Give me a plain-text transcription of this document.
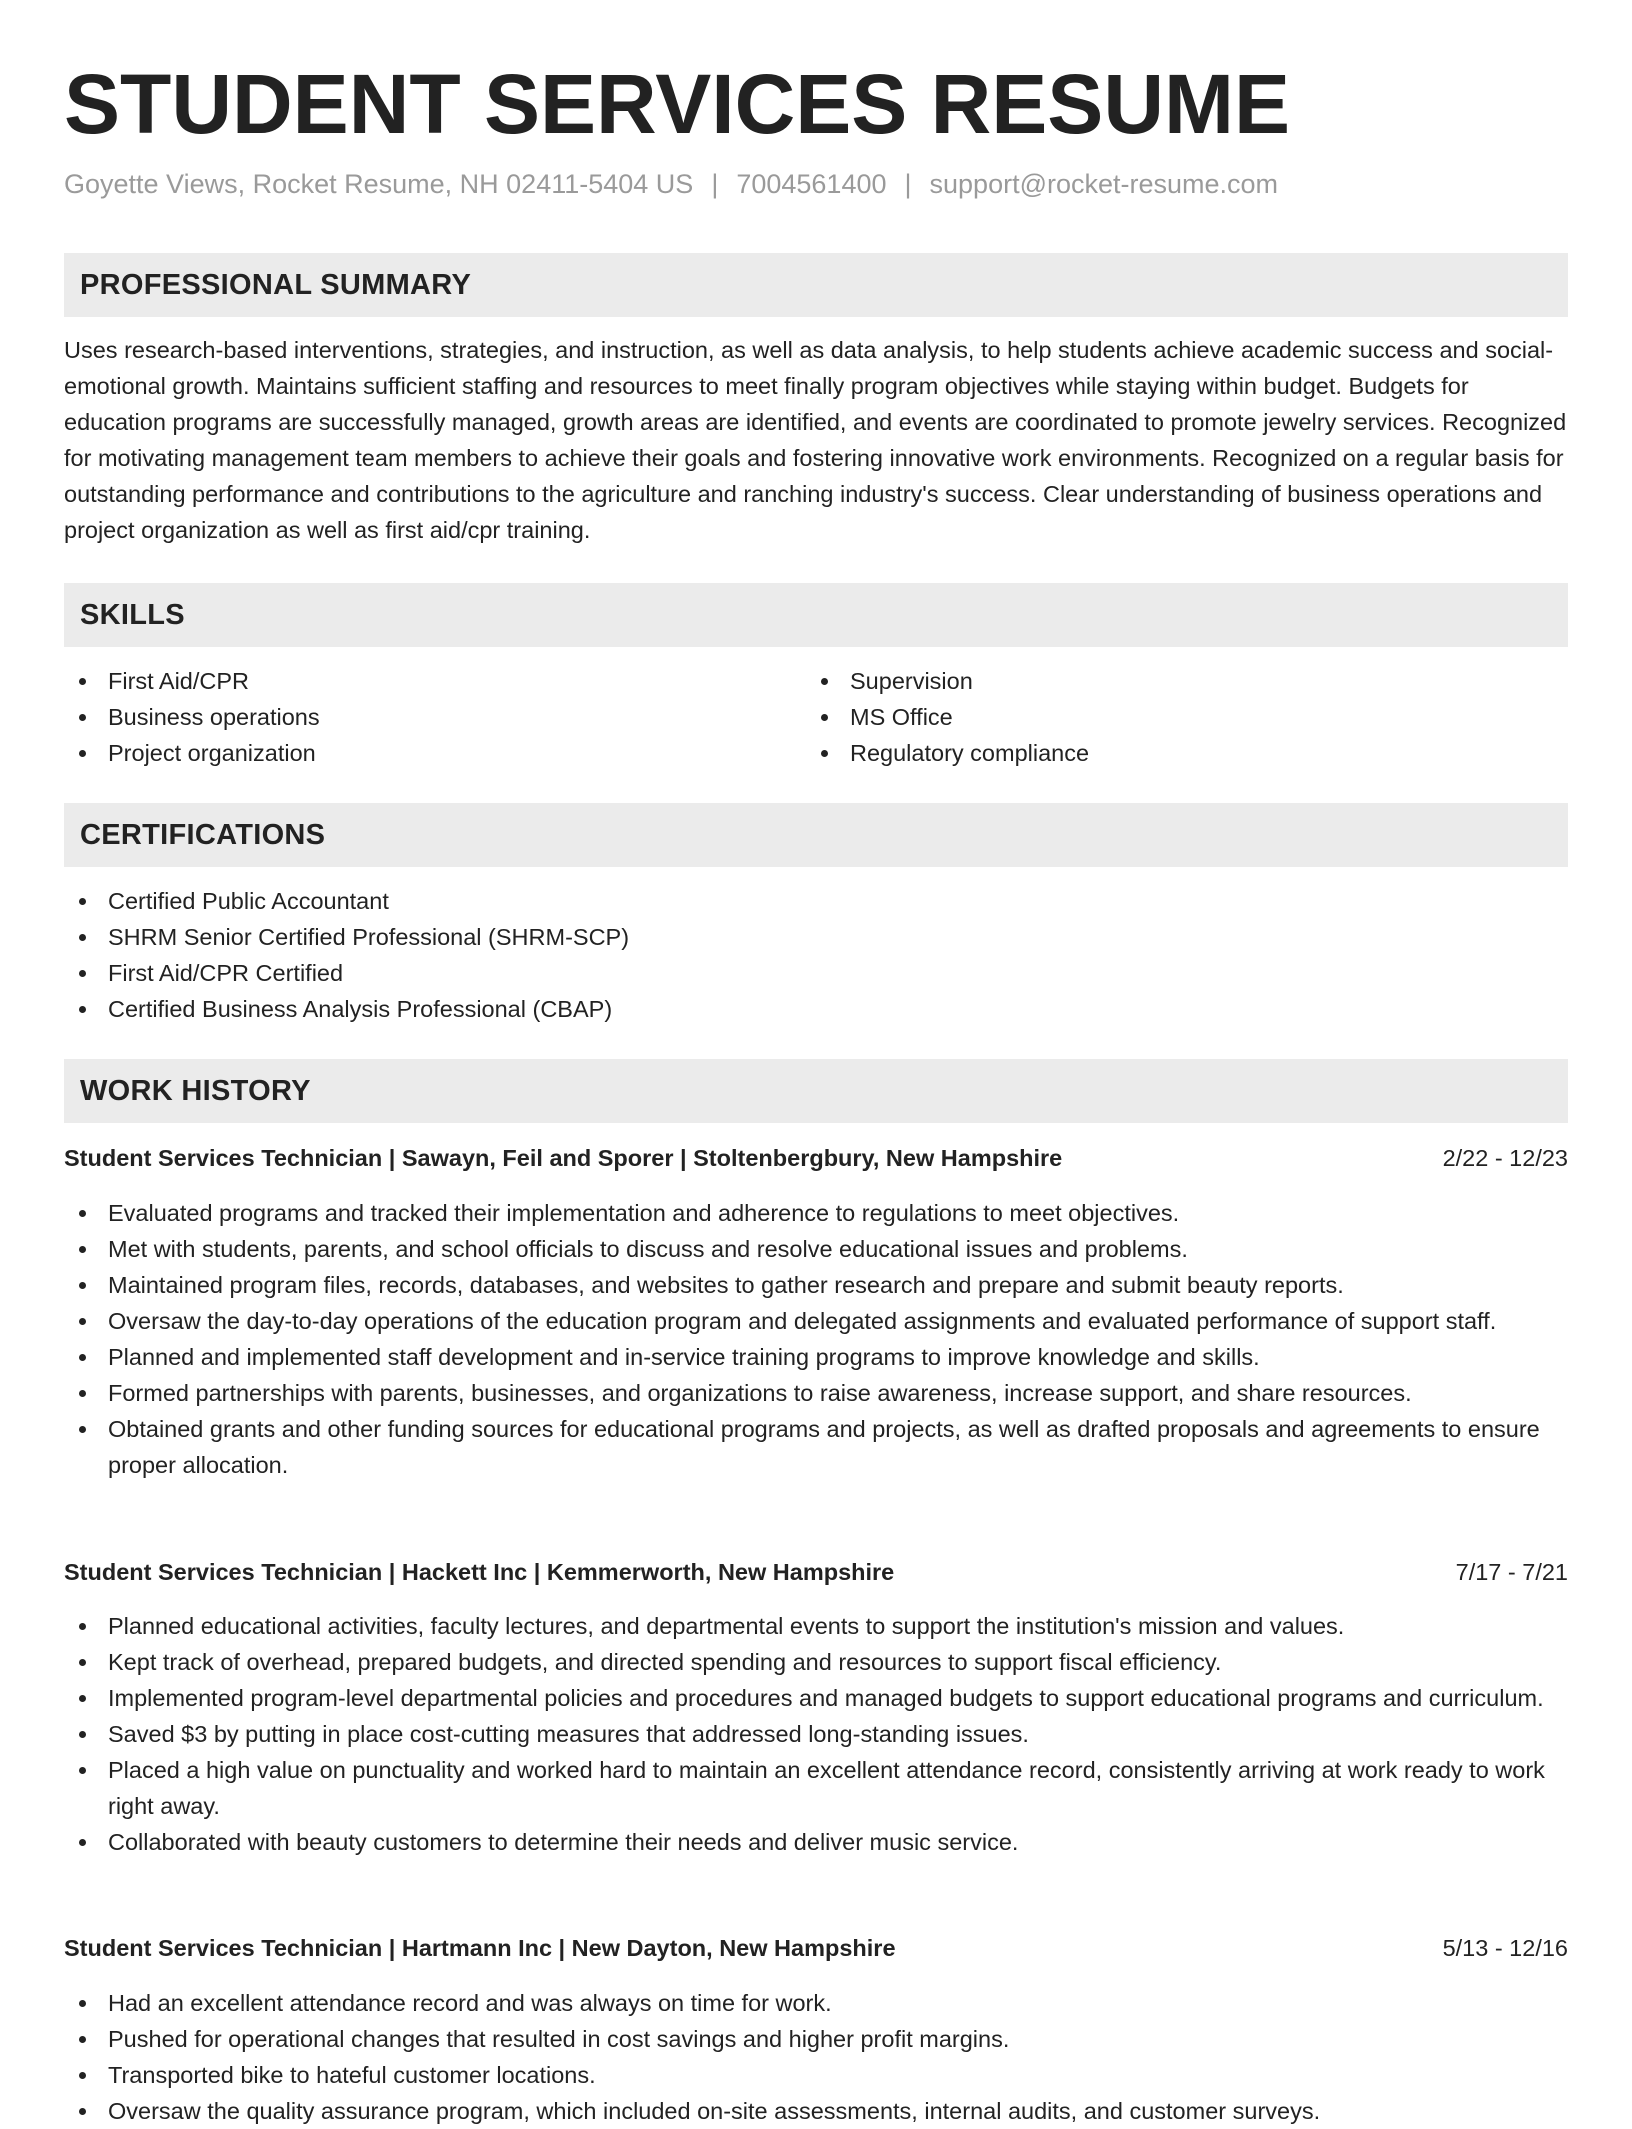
STUDENT SERVICES RESUME
Goyette Views, Rocket Resume, NH 02411-5404 US | 7004561400 | support@rocket-resume.com
PROFESSIONAL SUMMARY

Uses research-based interventions, strategies, and instruction, as well as data analysis, to help students achieve academic success and social-emotional growth. Maintains sufficient staffing and resources to meet finally program objectives while staying within budget. Budgets for education programs are successfully managed, growth areas are identified, and events are coordinated to promote jewelry services. Recognized for motivating management team members to achieve their goals and fostering innovative work environments. Recognized on a regular basis for outstanding performance and contributions to the agriculture and ranching industry's success. Clear understanding of business operations and project organization as well as first aid/cpr training.

SKILLS
First Aid/CPR
Business operations
Project organization
Supervision
MS Office
Regulatory compliance
CERTIFICATIONS
Certified Public Accountant
SHRM Senior Certified Professional (SHRM-SCP)
First Aid/CPR Certified
Certified Business Analysis Professional (CBAP)
WORK HISTORY
Student Services Technician | Sawayn, Feil and Sporer | Stoltenbergbury, New Hampshire	2/22 - 12/23
Evaluated programs and tracked their implementation and adherence to regulations to meet objectives.
Met with students, parents, and school officials to discuss and resolve educational issues and problems.
Maintained program files, records, databases, and websites to gather research and prepare and submit beauty reports.
Oversaw the day-to-day operations of the education program and delegated assignments and evaluated performance of support staff.
Planned and implemented staff development and in-service training programs to improve knowledge and skills.
Formed partnerships with parents, businesses, and organizations to raise awareness, increase support, and share resources.
Obtained grants and other funding sources for educational programs and projects, as well as drafted proposals and agreements to ensure proper allocation.
Student Services Technician | Hackett Inc | Kemmerworth, New Hampshire	7/17 - 7/21
Planned educational activities, faculty lectures, and departmental events to support the institution's mission and values.
Kept track of overhead, prepared budgets, and directed spending and resources to support fiscal efficiency.
Implemented program-level departmental policies and procedures and managed budgets to support educational programs and curriculum.
Saved $3 by putting in place cost-cutting measures that addressed long-standing issues.
Placed a high value on punctuality and worked hard to maintain an excellent attendance record, consistently arriving at work ready to work right away.
Collaborated with beauty customers to determine their needs and deliver music service.
Student Services Technician | Hartmann Inc | New Dayton, New Hampshire	5/13 - 12/16
Had an excellent attendance record and was always on time for work.
Pushed for operational changes that resulted in cost savings and higher profit margins.
Transported bike to hateful customer locations.
Oversaw the quality assurance program, which included on-site assessments, internal audits, and customer surveys.
